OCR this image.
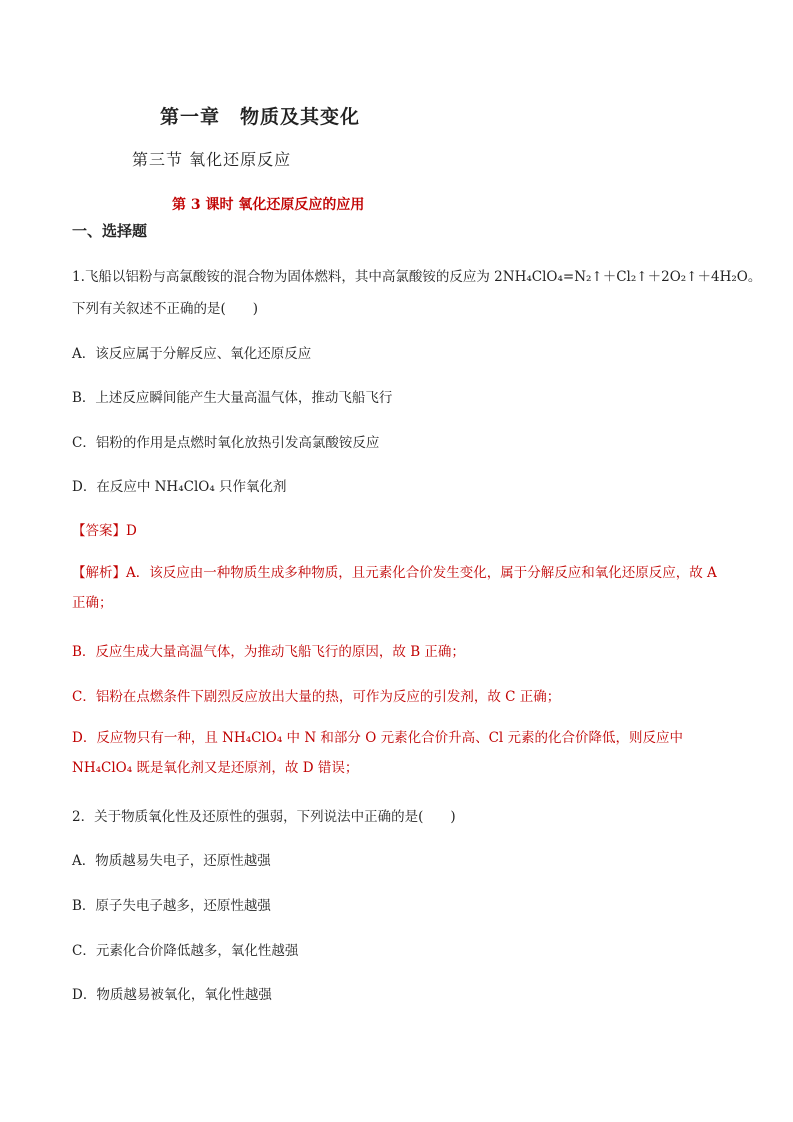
第一章　物质及其变化
第三节 氧化还原反应
第 3 课时 氧化还原反应的应用
一、选择题
1.飞船以铝粉与高氯酸铵的混合物为固体燃料，其中高氯酸铵的反应为 2NH₄ClO₄=N₂↑＋Cl₂↑＋2O₂↑＋4H₂O。
下列有关叙述不正确的是(　　)
A．该反应属于分解反应、氧化还原反应
B．上述反应瞬间能产生大量高温气体，推动飞船飞行
C．铝粉的作用是点燃时氧化放热引发高氯酸铵反应
D．在反应中 NH₄ClO₄ 只作氧化剂
【答案】D
【解析】A．该反应由一种物质生成多种物质，且元素化合价发生变化，属于分解反应和氧化还原反应，故 A 正确；
B．反应生成大量高温气体，为推动飞船飞行的原因，故 B 正确；
C．铝粉在点燃条件下剧烈反应放出大量的热，可作为反应的引发剂，故 C 正确；
D．反应物只有一种，且 NH₄ClO₄ 中 N 和部分 O 元素化合价升高、Cl 元素的化合价降低，则反应中 NH₄ClO₄ 既是氧化剂又是还原剂，故 D 错误；
2．关于物质氧化性及还原性的强弱，下列说法中正确的是(　　)
A．物质越易失电子，还原性越强
B．原子失电子越多，还原性越强
C．元素化合价降低越多，氧化性越强
D．物质越易被氧化，氧化性越强
